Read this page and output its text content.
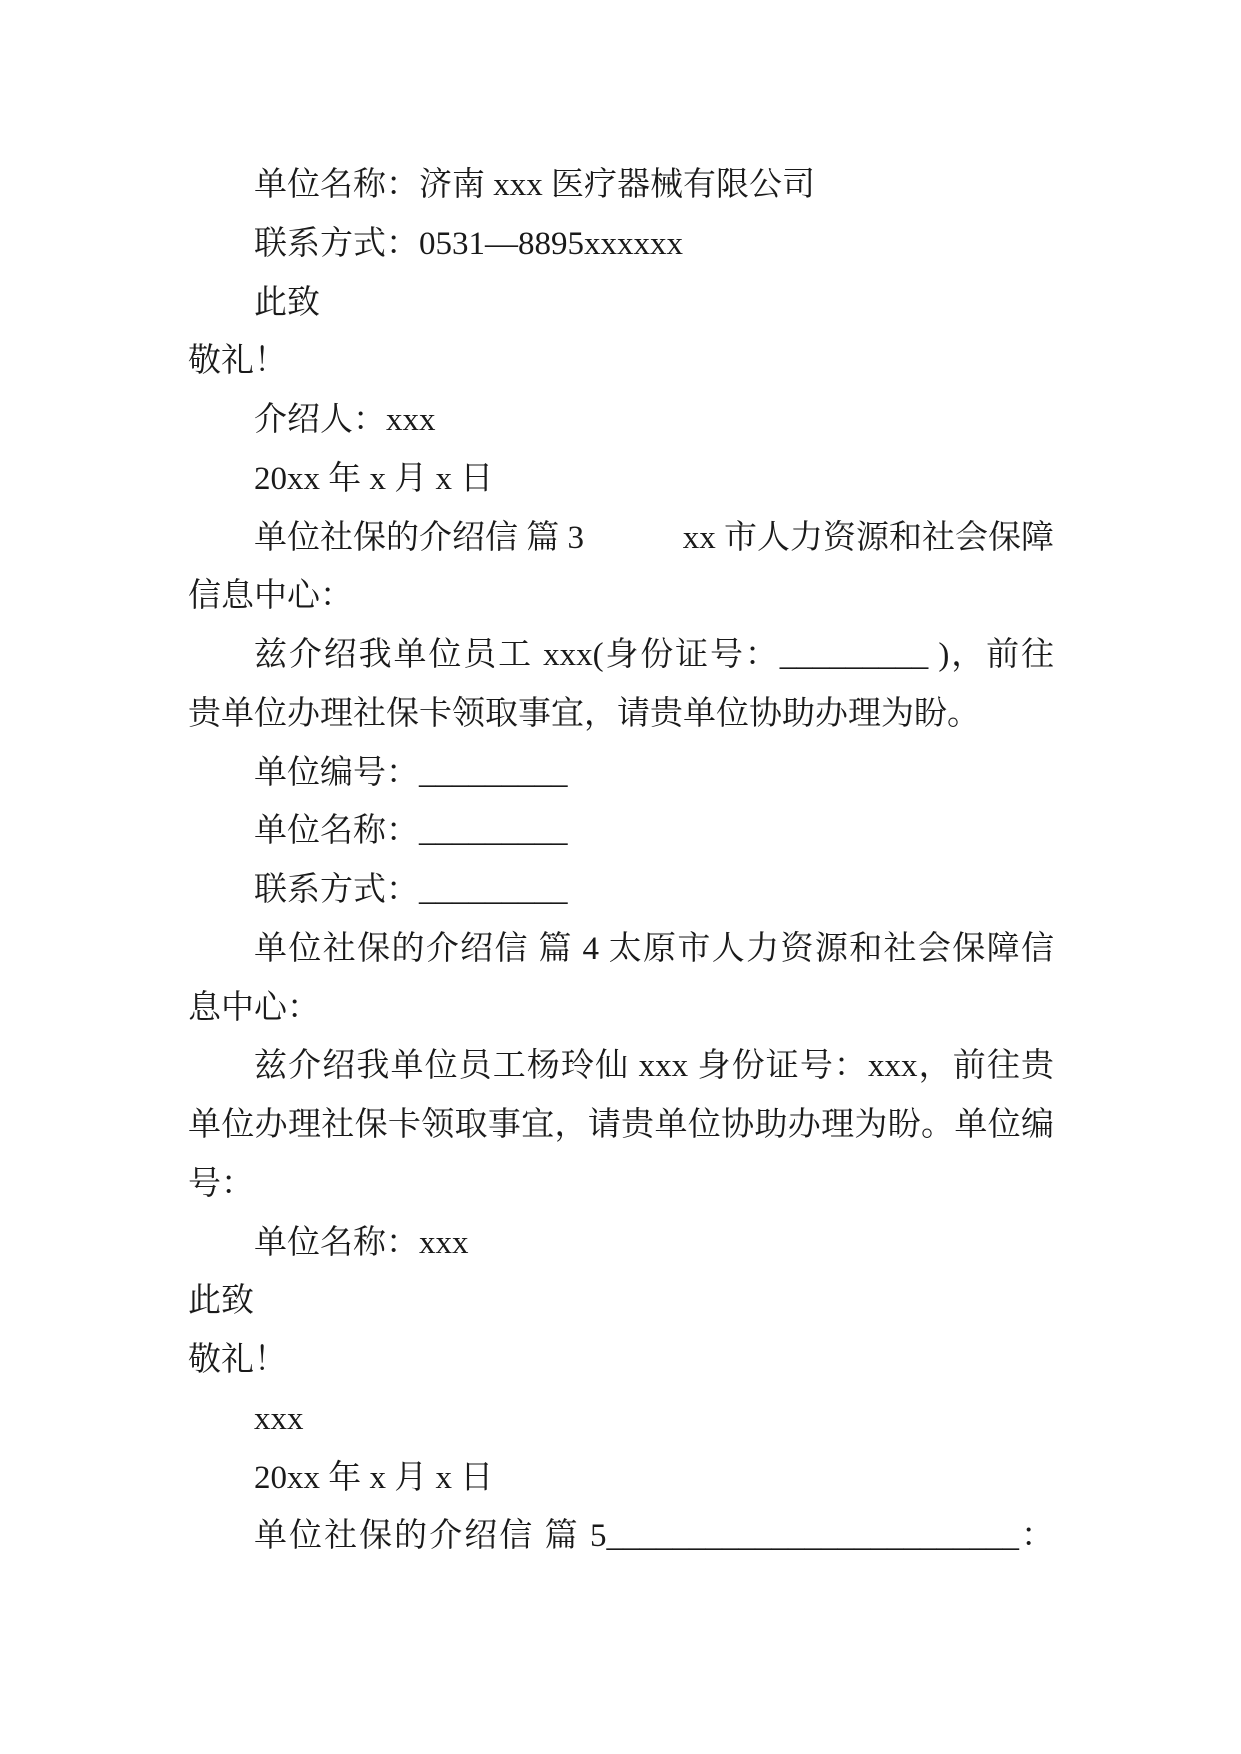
单位名称：济南 xxx 医疗器械有限公司
联系方式：0531—8895xxxxxx
此致
敬礼！
介绍人：xxx
20xx 年 x 月 x 日
单位社保的介绍信 篇 3	xx 市人力资源和社会保障
信息中心：
兹介绍我单位员工 xxx(身份证号：_________ )，前往
贵单位办理社保卡领取事宜，请贵单位协助办理为盼。
单位编号：_________
单位名称：_________
联系方式：_________
单位社保的介绍信 篇 4 太原市人力资源和社会保障信
息中心：
兹介绍我单位员工杨玲仙 xxx 身份证号：xxx，前往贵
单位办理社保卡领取事宜，请贵单位协助办理为盼。单位编
号：
单位名称：xxx
此致
敬礼！
xxx
20xx 年 x 月 x 日
单位社保的介绍信 篇 5_________________________：
